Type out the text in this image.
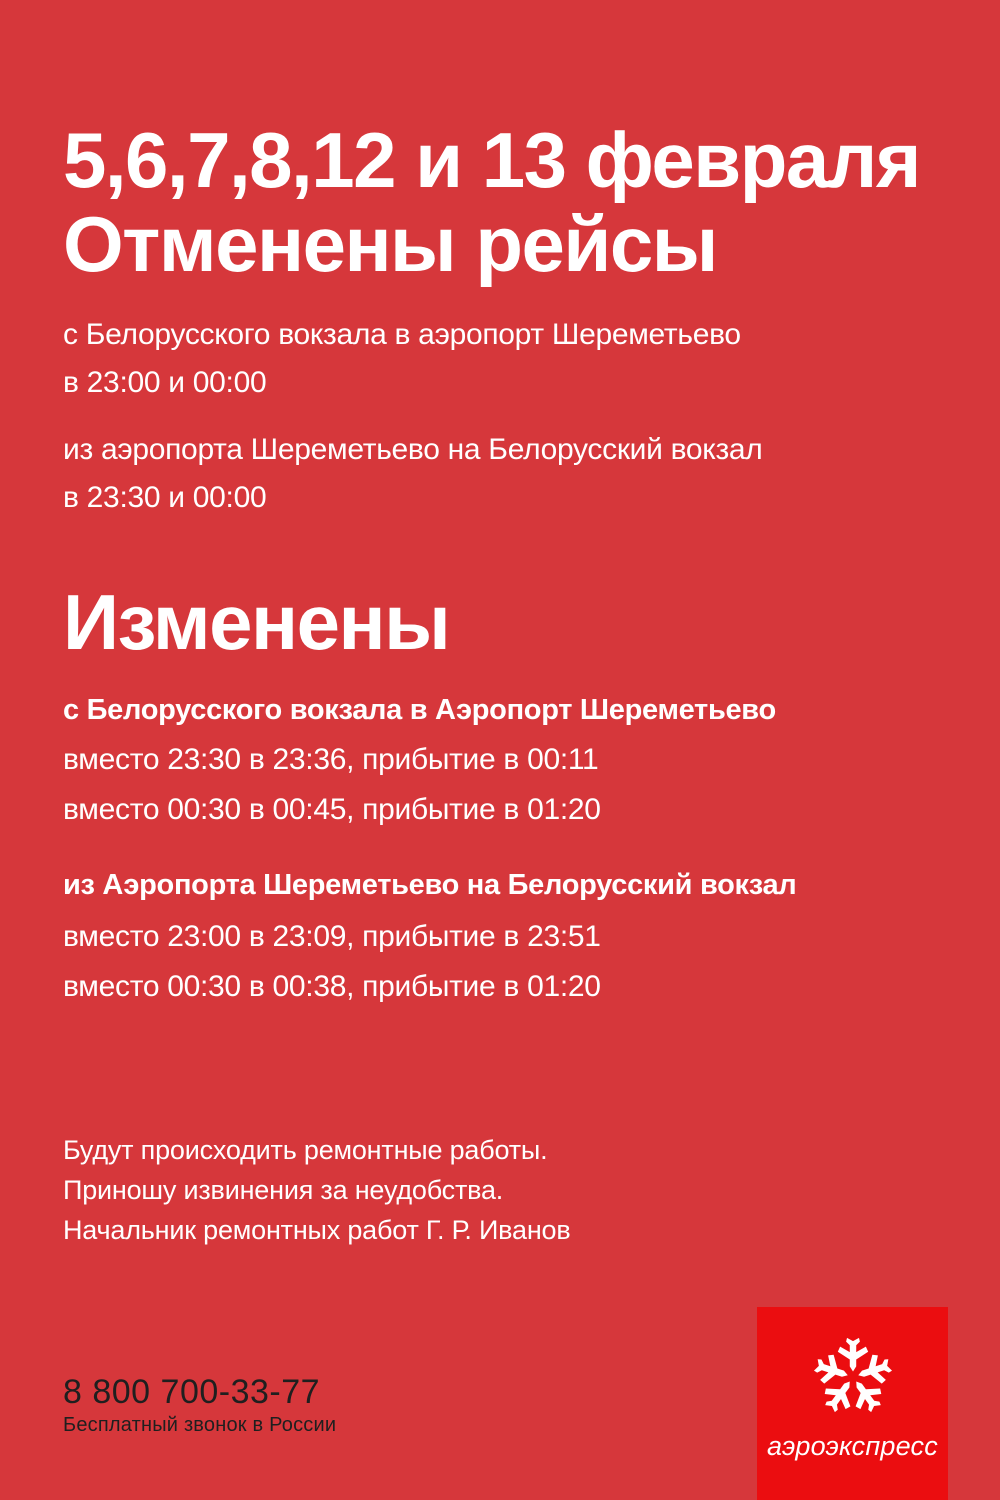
5,6,7,8,12 и 13 февраля
Отменены рейсы

с Белорусского вокзала в аэропорт Шереметьево
в 23:00 и 00:00

из аэропорта Шереметьево на Белорусский вокзал
в 23:30 и 00:00

Изменены

с Белорусского вокзала в Аэропорт Шереметьево

вместо 23:30 в 23:36, прибытие в 00:11
вместо 00:30 в 00:45, прибытие в 01:20

из Аэропорта Шереметьево на Белорусский вокзал

вместо 23:00 в 23:09, прибытие в 23:51
вместо 00:30 в 00:38, прибытие в 01:20

Будут происходить ремонтные работы.
Приношу извинения за неудобства.
Начальник ремонтных работ Г. Р. Иванов

8 800 700-33-77

Бесплатный звонок в России

аэроэкспресс
